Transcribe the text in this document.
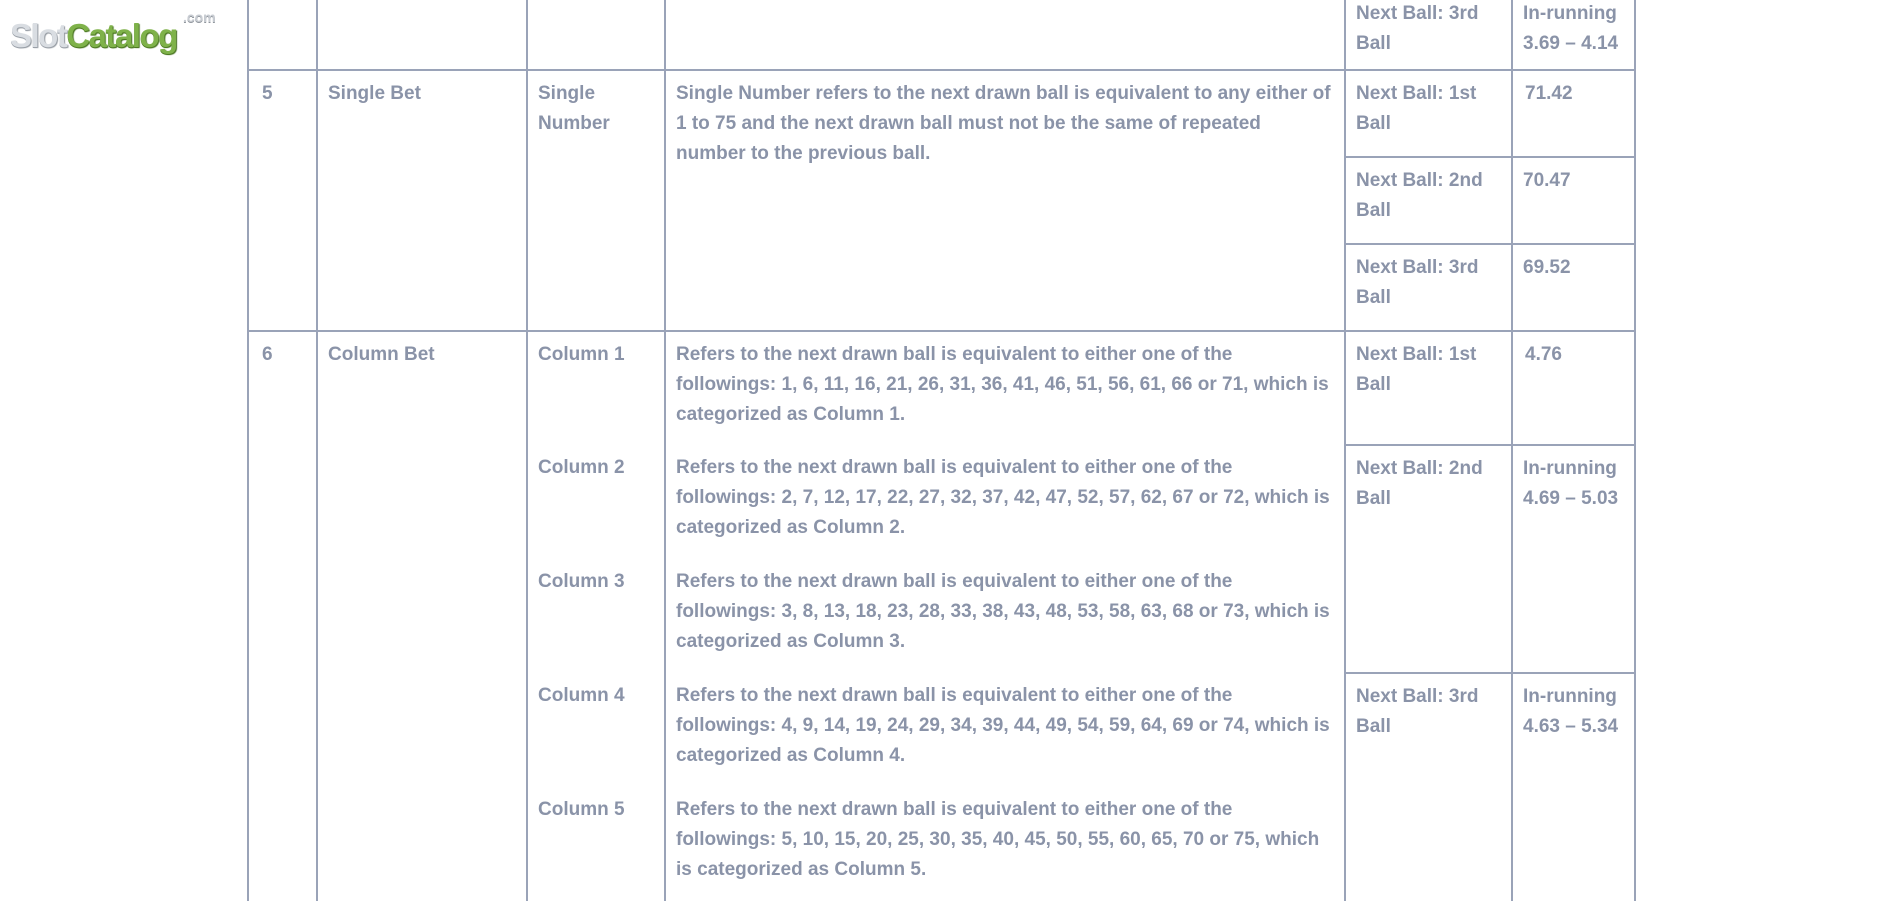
SlotCatalog .com
					Next Ball: 3rd Ball	In-running 3.69 – 4.14
5	Single Bet	Single Number	Single Number refers to the next drawn ball is equivalent to any either of 1 to 75 and the next drawn ball must not be the same of repeated number to the previous ball.	Next Ball: 1st Ball	71.42
				Next Ball: 2nd Ball	70.47
				Next Ball: 3rd Ball	69.52
6	Column Bet	Column 1	Refers to the next drawn ball is equivalent to either one of the followings: 1, 6, 11, 16, 21, 26, 31, 36, 41, 46, 51, 56, 61, 66 or 71, which is categorized as Column 1.	Next Ball: 1st Ball	4.76
		Column 2	Refers to the next drawn ball is equivalent to either one of the followings: 2, 7, 12, 17, 22, 27, 32, 37, 42, 47, 52, 57, 62, 67 or 72, which is categorized as Column 2.	Next Ball: 2nd Ball	In-running 4.69 – 5.03
		Column 3	Refers to the next drawn ball is equivalent to either one of the followings: 3, 8, 13, 18, 23, 28, 33, 38, 43, 48, 53, 58, 63, 68 or 73, which is categorized as Column 3.		
		Column 4	Refers to the next drawn ball is equivalent to either one of the followings: 4, 9, 14, 19, 24, 29, 34, 39, 44, 49, 54, 59, 64, 69 or 74, which is categorized as Column 4.	Next Ball: 3rd Ball	In-running 4.63 – 5.34
		Column 5	Refers to the next drawn ball is equivalent to either one of the followings: 5, 10, 15, 20, 25, 30, 35, 40, 45, 50, 55, 60, 65, 70 or 75, which is categorized as Column 5.		
